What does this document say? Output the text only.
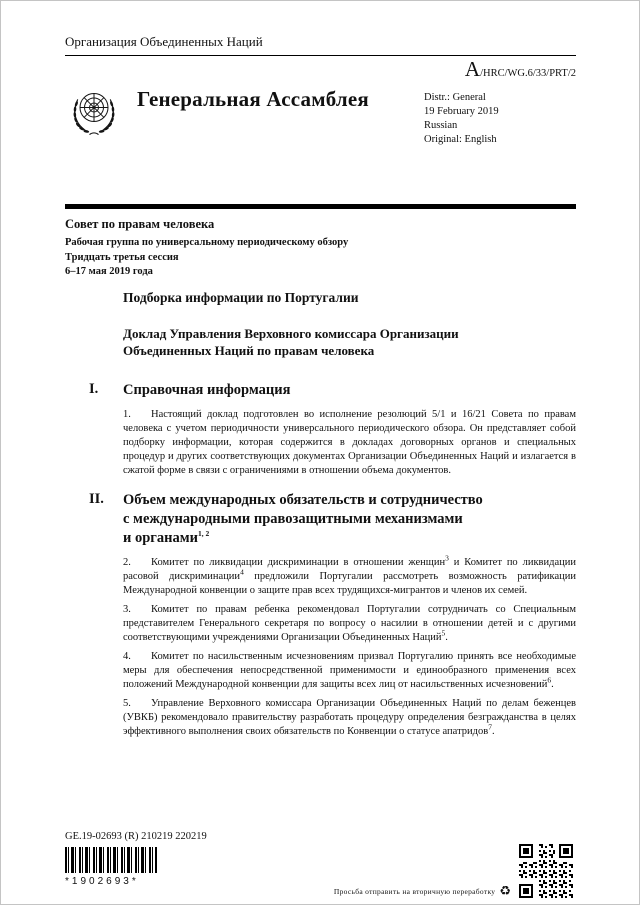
Организация Объединенных Наций
A/HRC/WG.6/33/PRT/2
Генеральная Ассамблея	Distr.: General
19 February 2019
Russian
Original: English
Совет по правам человека
Рабочая группа по универсальному периодическому обзору
Тридцать третья сессия
6–17 мая 2019 года
Подборка информации по Португалии
Доклад Управления Верховного комиссара Организации Объединенных Наций по правам человека
I.	Справочная информация

1. Настоящий доклад подготовлен во исполнение резолюций 5/1 и 16/21 Совета по правам человека с учетом периодичности универсального периодического обзора. Он представляет собой подборку информации, которая содержится в докладах договорных органов и специальных процедур и других соответствующих документах Организации Объединенных Наций и излагается в сжатой форме в связи с ограничениями в отношении объема документов.

II.	Объем международных обязательств и сотрудничество
с международными правозащитными механизмами
и органами$^{1, 2}$

2. Комитет по ликвидации дискриминации в отношении женщин$^3$ и Комитет по ликвидации расовой дискриминации$^4$ предложили Португалии рассмотреть возможность ратификации Международной конвенции о защите прав всех трудящихся-мигрантов и членов их семей.

3. Комитет по правам ребенка рекомендовал Португалии сотрудничать со Специальным представителем Генерального секретаря по вопросу о насилии в отношении детей и с другими соответствующими учреждениями Организации Объединенных Наций$^5$.

4. Комитет по насильственным исчезновениям призвал Португалию принять все необходимые меры для обеспечения непосредственной применимости и единообразного применения всех положений Международной конвенции для защиты всех лиц от насильственных исчезновений$^6$.

5. Управление Верховного комиссара Организации Объединенных Наций по делам беженцев (УВКБ) рекомендовало правительству разработать процедуру определения безгражданства в целях эффективного выполнения своих обязательств по Конвенции о статусе апатридов$^7$.

GE.19-02693 (R) 210219 220219
*1902693*
Просьба отправить на вторичную переработку ♻
